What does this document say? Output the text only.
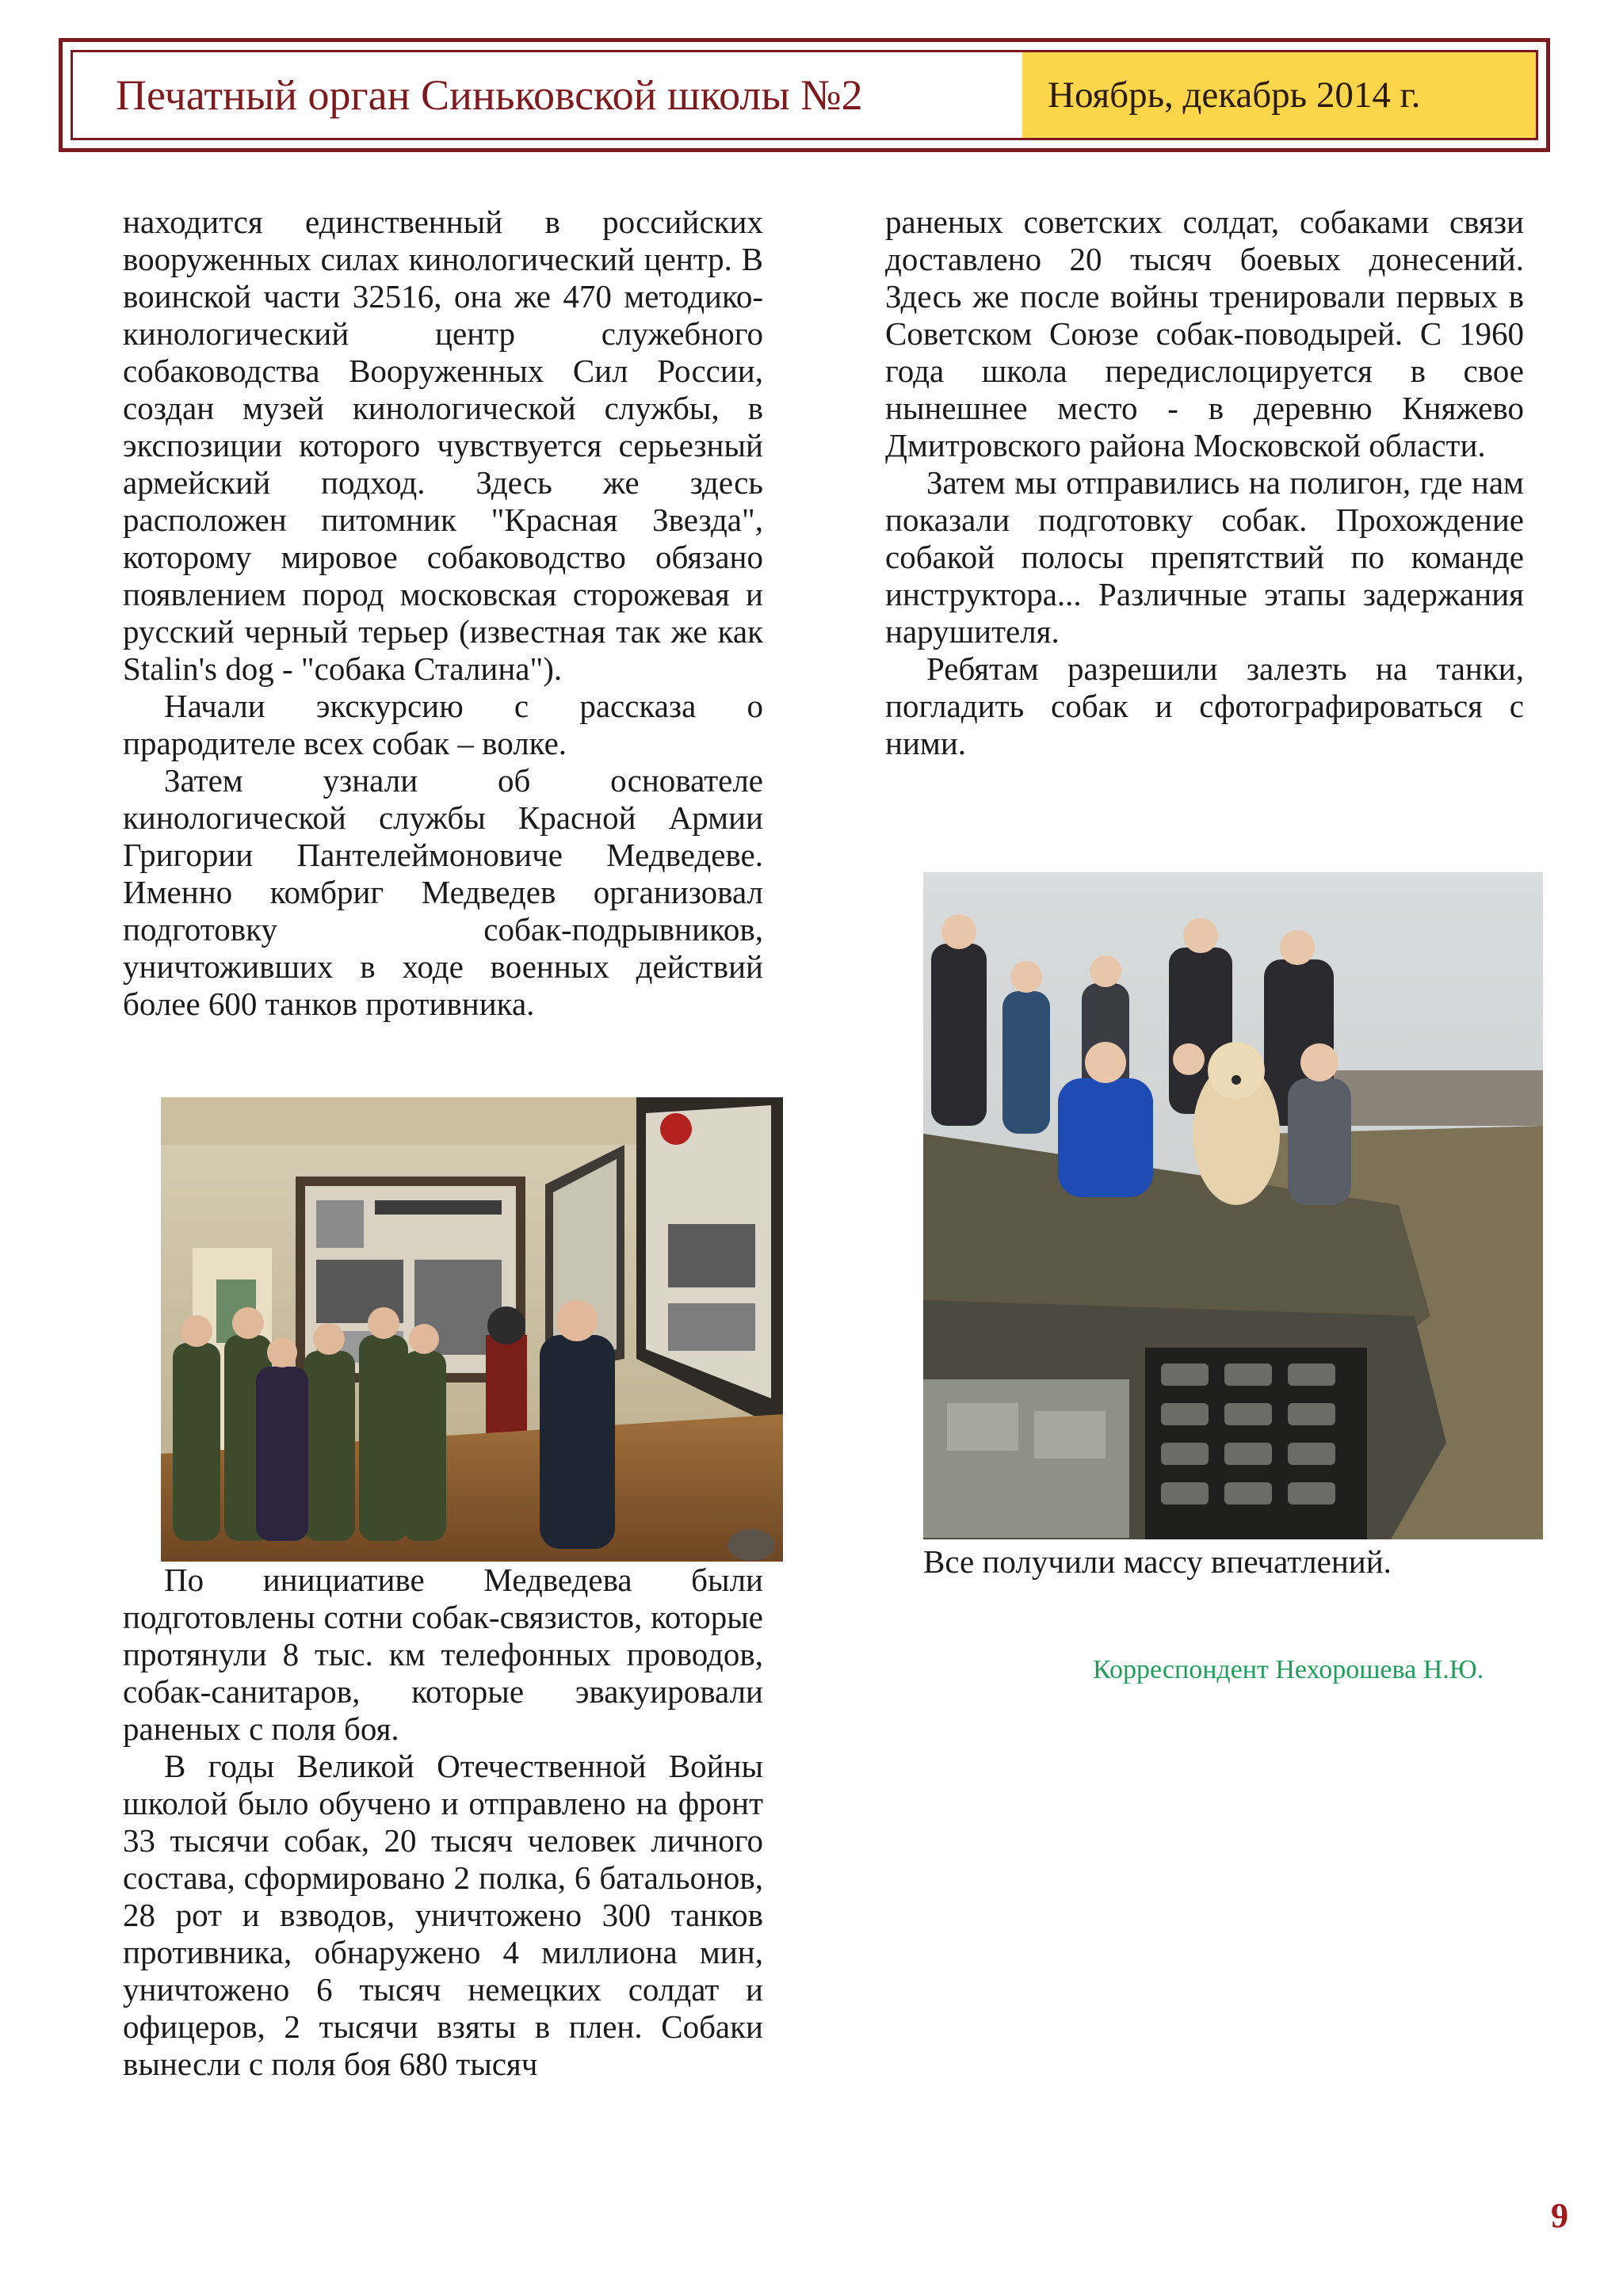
Печатный орган Синьковской школы №2	Ноябрь, декабрь 2014 г.

находится единственный в российских вооруженных силах кинологический центр. В воинской части 32516, она же 470 методико-кинологический центр служебного собаководства Вооруженных Сил России, создан музей кинологической службы, в экспозиции которого чувствуется серьезный армейский подход. Здесь же здесь расположен питомник "Красная Звезда", которому мировое собаководство обязано появлением пород московская сторожевая и русский черный терьер (известная так же как Stalin's dog - "собака Сталина").

Начали экскурсию с рассказа о прародителе всех собак – волке.

Затем узнали об основателе кинологической службы Красной Армии Григории Пантелеймоновиче Медведеве. Именно комбриг Медведев организовал подготовку собак-подрывников, уничтоживших в ходе военных действий более 600 танков противника.

По инициативе Медведева были подготовлены сотни собак-связистов, которые протянули 8 тыс. км телефонных проводов, собак-санитаров, которые эвакуировали раненых с поля боя.

В годы Великой Отечественной Войны школой было обучено и отправлено на фронт 33 тысячи собак, 20 тысяч человек личного состава, сформировано 2 полка, 6 батальонов, 28 рот и взводов, уничтожено 300 танков противника, обнаружено 4 миллиона мин, уничтожено 6 тысяч немецких солдат и офицеров, 2 тысячи взяты в плен. Собаки вынесли с поля боя 680 тысяч

раненых советских солдат, собаками связи доставлено 20 тысяч боевых донесений. Здесь же после войны тренировали первых в Советском Союзе собак-поводырей. С 1960 года школа передислоцируется в свое нынешнее место - в деревню Княжево Дмитровского района Московской области.

Затем мы отправились на полигон, где нам показали подготовку собак. Прохождение собакой полосы препятствий по команде инструктора... Различные этапы задержания нарушителя.

Ребятам разрешили залезть на танки, погладить собак и сфотографироваться с ними.

Все получили массу впечатлений.
Корреспондент Нехорошева Н.Ю.
9
